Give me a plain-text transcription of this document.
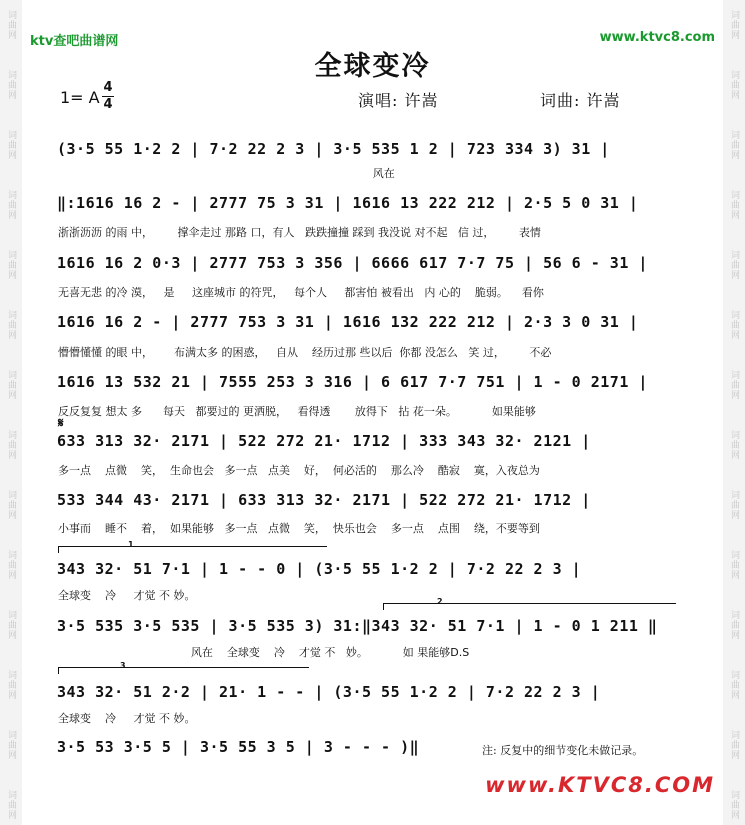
词曲网
词曲网
词曲网
词曲网
词曲网
词曲网
词曲网
词曲网
词曲网
词曲网
词曲网
词曲网
词曲网
词曲网
词曲网
词曲网
词曲网
词曲网
词曲网
词曲网
词曲网
词曲网
词曲网
词曲网
词曲网
词曲网
词曲网
词曲网
ktv查吧曲谱网	www.ktvc8.com
全球变冷
1= A
4
4	演唱: 许嵩	词曲: 许嵩
(3·5 55 1·2 2 | 7·2 22 2 3 | 3·5 535 1 2 | 723 334 3) 31 |
风在
‖:1616 16 2 - | 2777 75 3 31 | 1616 13 222 212 | 2·5 5 0 31 |
浙浙沥沥 的雨 中，       撑伞走过 那路 口，有人   跌跌撞撞 踩到 我没说 对不起   信 过，       表情
1616 16 2 0·3 | 2777 753 3 356 | 6666 617 7·7 75 | 56 6 - 31 |
无喜无悲 的冷 漠，   是     这座城市 的符咒，   每个人     都害怕 被看出   内 心的    脆弱。    看你
1616 16 2 - | 2777 753 3 31 | 1616 132 222 212 | 2·3 3 0 31 |
懵懵懂懂 的眼 中，      布满太多 的困惑，   自从    经历过那 些以后  你都 没怎么   笑 过，       不必
1616 13 532 21 | 7555 253 3 316 | 6 617 7·7 751 | 1 - 0 2171 |
反反复复 想太 多      每天   都要过的 更洒脱，   看得透       放得下   拈 花一朵。          如果能够
𝄋
633 313 32· 2171 | 522 272 21· 1712 | 333 343 32· 2121 |
多一点    点微    笑，  生命也会   多一点   点美    好，  何必活的    那么冷    酷寂    寞，入夜总为
533 344 43· 2171 | 633 313 32· 2171 | 522 272 21· 1712 |
小事而    睡不    着，  如果能够   多一点   点微    笑，  快乐也会    多一点    点围    绕，不要等到
1
343 32· 51 7·1 | 1 - - 0 | (3·5 55 1·2 2 | 7·2 22 2 3 |
全球变    冷     才觉 不 妙。	2
3·5 535 3·5 535 | 3·5 535 3) 31:‖343 32· 51 7·1 | 1 - 0 1 211 ‖
风在    全球变    冷    才觉 不   妙。          如 果能够D.S
3
343 32· 51 2·2 | 21· 1 - - | (3·5 55 1·2 2 | 7·2 22 2 3 |
全球变    冷     才觉 不 妙。
3·5 53 3·5 5 | 3·5 55 3 5 | 3 - - - )‖	注: 反复中的细节变化未做记录。
www.KTVC8.COM
